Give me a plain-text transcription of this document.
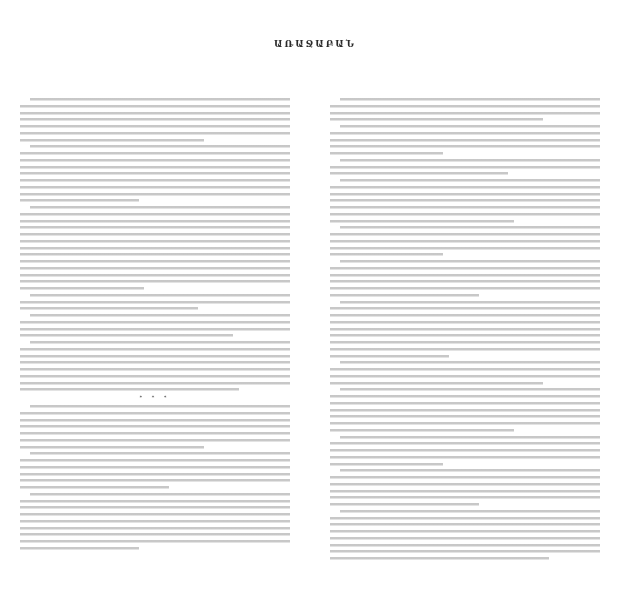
ԱՌԱՋԱԲԱՆ
* * *
